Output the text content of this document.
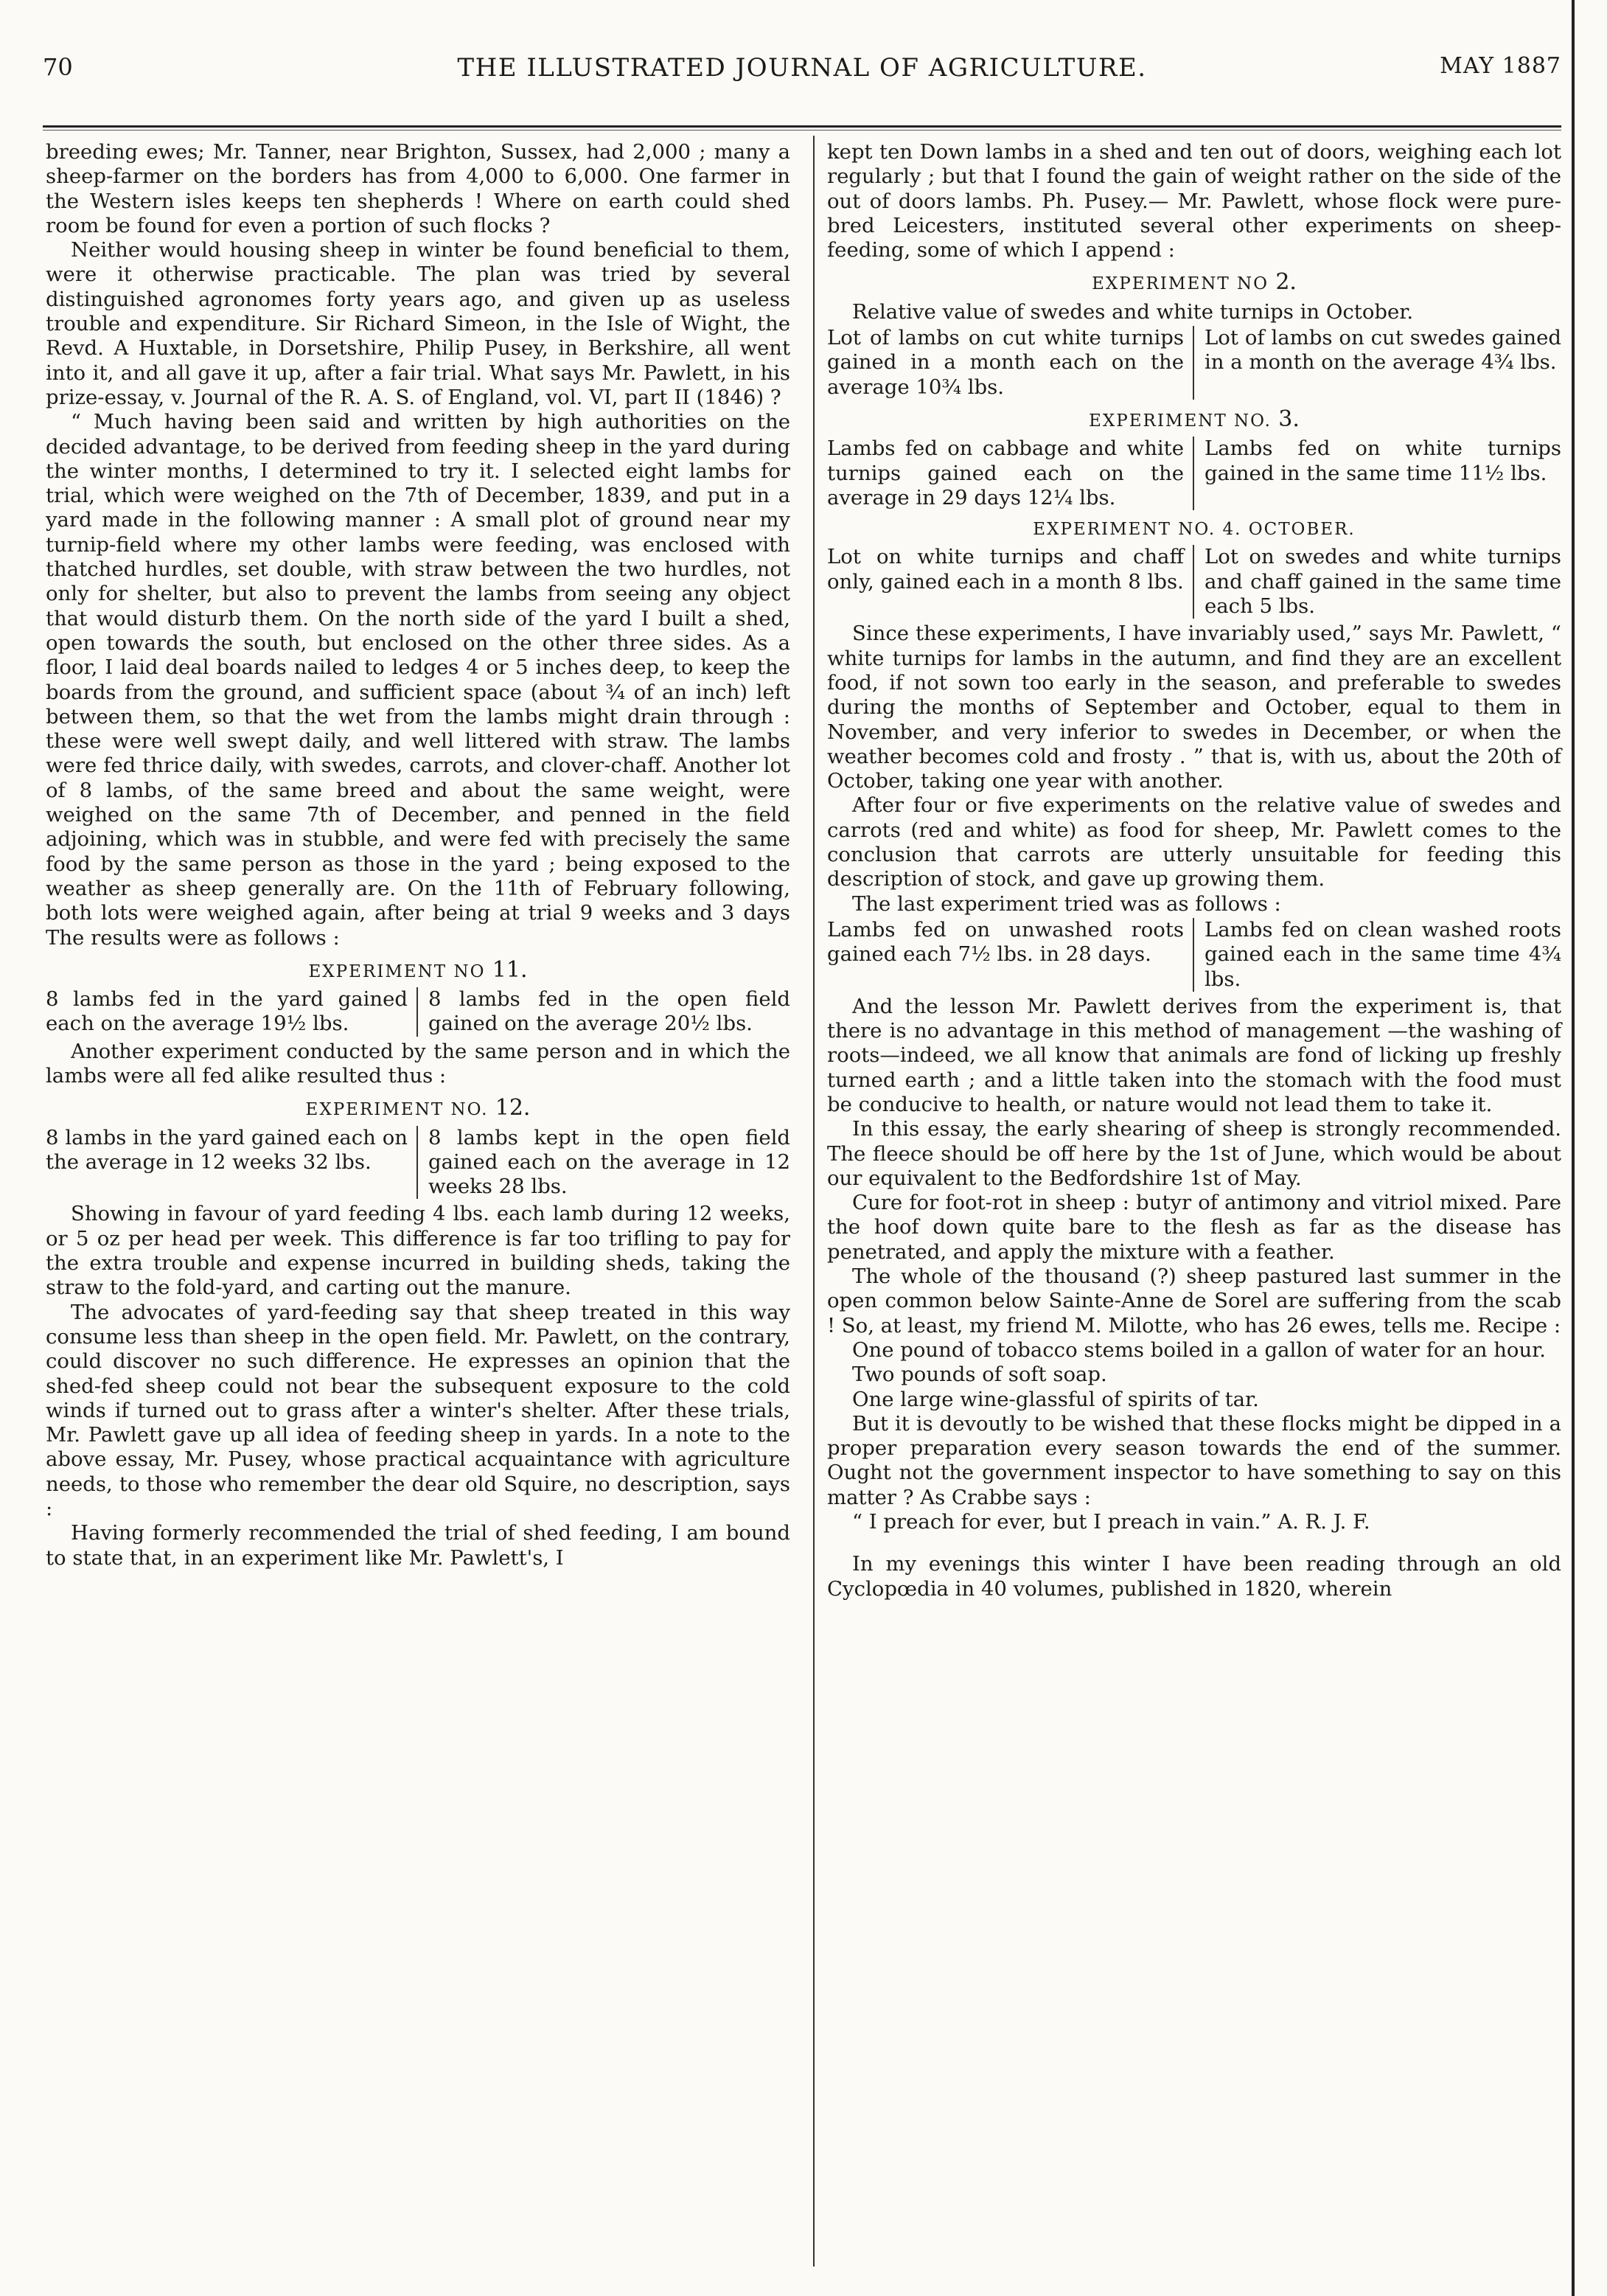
70	THE ILLUSTRATED JOURNAL OF AGRICULTURE.	MAY 1887

breeding ewes; Mr. Tanner, near Brighton, Sussex, had 2,000 ; many a sheep-farmer on the borders has from 4,000 to 6,000. One farmer in the Western isles keeps ten shepherds ! Where on earth could shed room be found for even a portion of such flocks ?

Neither would housing sheep in winter be found beneficial to them, were it otherwise practicable. The plan was tried by several distinguished agronomes forty years ago, and given up as useless trouble and expenditure. Sir Richard Simeon, in the Isle of Wight, the Revd. A Huxtable, in Dorsetshire, Philip Pusey, in Berkshire, all went into it, and all gave it up, after a fair trial. What says Mr. Pawlett, in his prize-essay, v. Journal of the R. A. S. of England, vol. VI, part II (1846) ?

“ Much having been said and written by high authorities on the decided advantage, to be derived from feeding sheep in the yard during the winter months, I determined to try it. I selected eight lambs for trial, which were weighed on the 7th of December, 1839, and put in a yard made in the following manner : A small plot of ground near my turnip-field where my other lambs were feeding, was enclosed with thatched hurdles, set double, with straw between the two hurdles, not only for shelter, but also to prevent the lambs from seeing any object that would disturb them. On the north side of the yard I built a shed, open towards the south, but enclosed on the other three sides. As a floor, I laid deal boards nailed to ledges 4 or 5 inches deep, to keep the boards from the ground, and sufficient space (about ¾ of an inch) left between them, so that the wet from the lambs might drain through : these were well swept daily, and well littered with straw. The lambs were fed thrice daily, with swedes, carrots, and clover-chaff. Another lot of 8 lambs, of the same breed and about the same weight, were weighed on the same 7th of December, and penned in the field adjoining, which was in stubble, and were fed with precisely the same food by the same person as those in the yard ; being exposed to the weather as sheep generally are. On the 11th of February following, both lots were weighed again, after being at trial 9 weeks and 3 days The results were as follows :

EXPERIMENT NO 11.
8 lambs fed in the yard gained each on the average 19½ lbs.
8 lambs fed in the open field gained on the average 20½ lbs.

Another experiment conducted by the same person and in which the lambs were all fed alike resulted thus :

EXPERIMENT NO. 12.
8 lambs in the yard gained each on the average in 12 weeks 32 lbs.
8 lambs kept in the open field gained each on the average in 12 weeks 28 lbs.

Showing in favour of yard feeding 4 lbs. each lamb during 12 weeks, or 5 oz per head per week. This difference is far too trifling to pay for the extra trouble and expense incurred in building sheds, taking the straw to the fold-yard, and carting out the manure.

The advocates of yard-feeding say that sheep treated in this way consume less than sheep in the open field. Mr. Pawlett, on the contrary, could discover no such difference. He expresses an opinion that the shed-fed sheep could not bear the subsequent exposure to the cold winds if turned out to grass after a winter's shelter. After these trials, Mr. Pawlett gave up all idea of feeding sheep in yards. In a note to the above essay, Mr. Pusey, whose practical acquaintance with agriculture needs, to those who remember the dear old Squire, no description, says :

Having formerly recommended the trial of shed feeding, I am bound to state that, in an experiment like Mr. Pawlett's, I

kept ten Down lambs in a shed and ten out of doors, weighing each lot regularly ; but that I found the gain of weight rather on the side of the out of doors lambs. Ph. Pusey.— Mr. Pawlett, whose flock were pure-bred Leicesters, instituted several other experiments on sheep-feeding, some of which I append :

EXPERIMENT NO 2.

Relative value of swedes and white turnips in October.

Lot of lambs on cut white turnips gained in a month each on the average 10¾ lbs.
Lot of lambs on cut swedes gained in a month on the average 4¾ lbs.
EXPERIMENT NO. 3.
Lambs fed on cabbage and white turnips gained each on the average in 29 days 12¼ lbs.
Lambs fed on white turnips gained in the same time 11½ lbs.
EXPERIMENT NO. 4. OCTOBER.
Lot on white turnips and chaff only, gained each in a month 8 lbs.
Lot on swedes and white turnips and chaff gained in the same time each 5 lbs.

Since these experiments, I have invariably used,” says Mr. Pawlett, “ white turnips for lambs in the autumn, and find they are an excellent food, if not sown too early in the season, and preferable to swedes during the months of September and October, equal to them in November, and very inferior to swedes in December, or when the weather becomes cold and frosty . ” that is, with us, about the 20th of October, taking one year with another.

After four or five experiments on the relative value of swedes and carrots (red and white) as food for sheep, Mr. Pawlett comes to the conclusion that carrots are utterly unsuitable for feeding this description of stock, and gave up growing them.

The last experiment tried was as follows :

Lambs fed on unwashed roots gained each 7½ lbs. in 28 days.
Lambs fed on clean washed roots gained each in the same time 4¾ lbs.

And the lesson Mr. Pawlett derives from the experiment is, that there is no advantage in this method of management —the washing of roots—indeed, we all know that animals are fond of licking up freshly turned earth ; and a little taken into the stomach with the food must be conducive to health, or nature would not lead them to take it.

In this essay, the early shearing of sheep is strongly recommended. The fleece should be off here by the 1st of June, which would be about our equivalent to the Bedfordshire 1st of May.

Cure for foot-rot in sheep : butyr of antimony and vitriol mixed. Pare the hoof down quite bare to the flesh as far as the disease has penetrated, and apply the mixture with a feather.

The whole of the thousand (?) sheep pastured last summer in the open common below Sainte-Anne de Sorel are suffering from the scab ! So, at least, my friend M. Milotte, who has 26 ewes, tells me. Recipe :

One pound of tobacco stems boiled in a gallon of water for an hour.

Two pounds of soft soap.

One large wine-glassful of spirits of tar.

But it is devoutly to be wished that these flocks might be dipped in a proper preparation every season towards the end of the summer. Ought not the government inspector to have something to say on this matter ? As Crabbe says :

“ I preach for ever, but I preach in vain.” A. R. J. F.

In my evenings this winter I have been reading through an old Cyclopœdia in 40 volumes, published in 1820, wherein
